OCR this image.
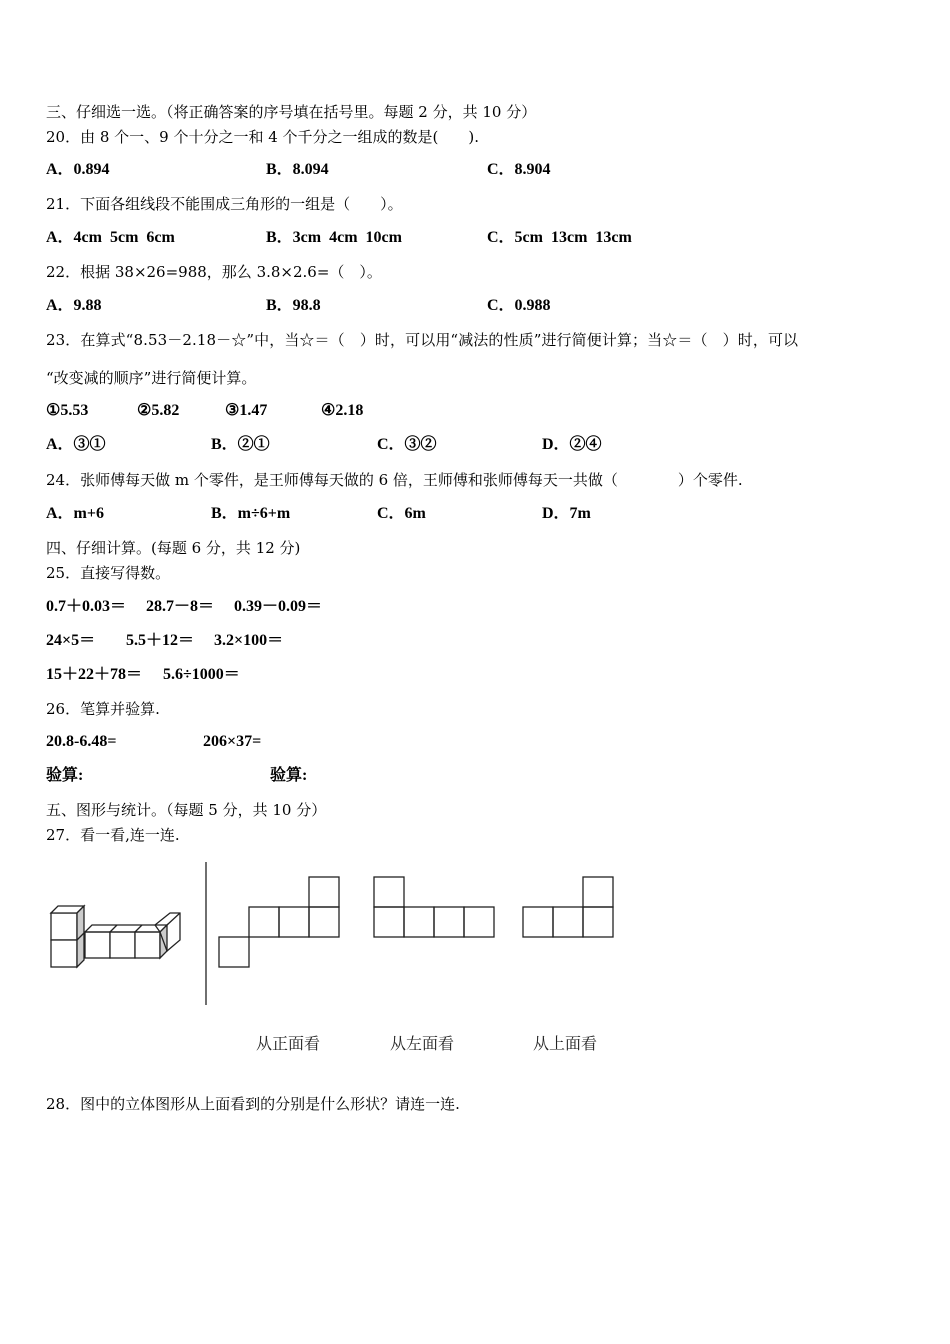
三、仔细选一选。（将正确答案的序号填在括号里。每题 2 分，共 10 分）
20．由 8 个一、9 个十分之一和 4 个千分之一组成的数是(　　).
A．0.894	B．8.094	C．8.904
21．下面各组线段不能围成三角形的一组是（　　）。
A．4cm  5cm  6cm	B．3cm  4cm  10cm	C．5cm  13cm  13cm
22．根据 38×26=988，那么 3.8×2.6=（　）。
A．9.88	B．98.8	C．0.988
23．在算式“8.53－2.18－☆”中，当☆＝（　）时，可以用“减法的性质”进行简便计算；当☆＝（　）时，可以
“改变减的顺序”进行简便计算。
①5.53	②5.82	③1.47	④2.18
A．③①	B．②①	C．③②	D．②④
24．张师傅每天做 m 个零件，是王师傅每天做的 6 倍，王师傅和张师傅每天一共做（　　　　）个零件.
A．m+6	B．m÷6+m	C．6m	D．7m
四、仔细计算。(每题 6 分，共 12 分)
25．直接写得数。
0.7＋0.03＝ 28.7－8＝ 0.39－0.09＝
24×5＝ 5.5＋12＝ 3.2×100＝
15＋22＋78＝ 5.6÷1000＝
26．笔算并验算.
20.8-6.48=	206×37=
验算:	验算:
五、图形与统计。（每题 5 分，共 10 分）
27．看一看,连一连.
从正面看	从左面看	从上面看
28．图中的立体图形从上面看到的分别是什么形状？请连一连.
